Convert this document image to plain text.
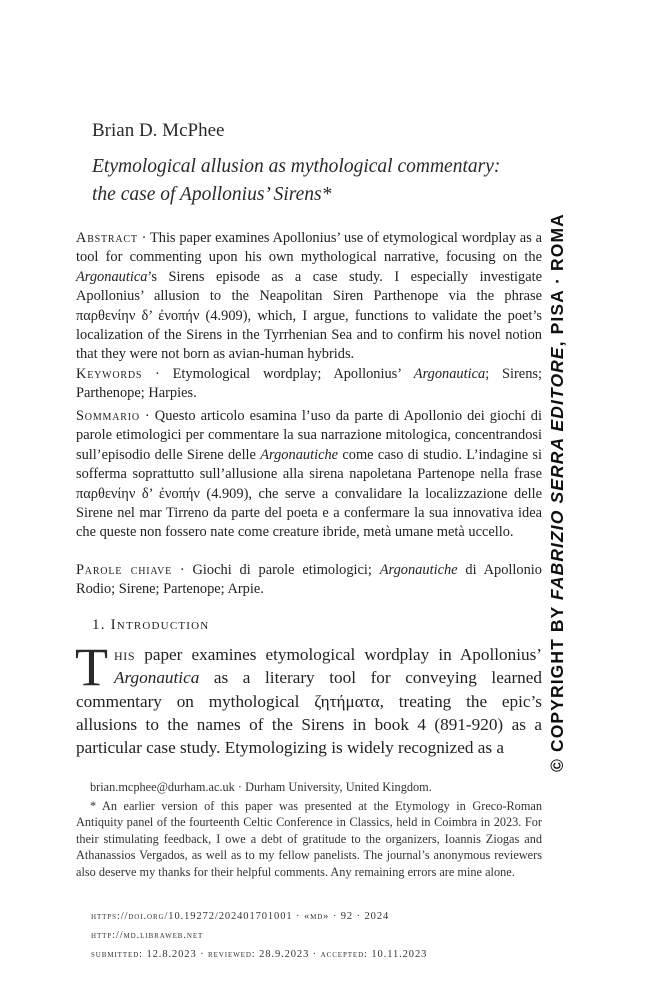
Brian D. McPhee
Etymological allusion as mythological commentary:
the case of Apollonius’ Sirens*
Abstract · This paper examines Apollonius’ use of etymological wordplay as a tool for commenting upon his own mythological narrative, focusing on the Argonautica’s Sirens episode as a case study. I especially investigate Apollonius’ allusion to the Neapolitan Siren Parthenope via the phrase παρθενίην δ’ ἐνοπήν (4.909), which, I argue, functions to validate the poet’s localization of the Sirens in the Tyrrhenian Sea and to confirm his novel notion that they were not born as avian-human hybrids.
Keywords · Etymological wordplay; Apollonius’ Argonautica; Sirens; Parthenope; Harpies.
Sommario · Questo articolo esamina l’uso da parte di Apollonio dei giochi di parole etimologici per commentare la sua narrazione mitologica, concentrandosi sull’episodio delle Sirene delle Argonautiche come caso di studio. L’indagine si sofferma soprattutto sull’allusione alla sirena napoletana Partenope nella frase παρθενίην δ’ ἐνοπήν (4.909), che serve a convalidare la localizzazione delle Sirene nel mar Tirreno da parte del poeta e a confermare la sua innovativa idea che queste non fossero nate come creature ibride, metà umane metà uccello.
Parole chiave · Giochi di parole etimologici; Argonautiche di Apollonio Rodio; Sirene; Partenope; Arpie.
1. Introduction
This paper examines etymological wordplay in Apollonius’ Argonautica as a literary tool for conveying learned commentary on mythological ζητήματα, treating the epic’s allusions to the names of the Sirens in book 4 (891-920) as a particular case study. Etymologizing is widely recognized as a
brian.mcphee@durham.ac.uk · Durham University, United Kingdom.
* An earlier version of this paper was presented at the Etymology in Greco-Roman Antiquity panel of the fourteenth Celtic Conference in Classics, held in Coimbra in 2023. For their stimulating feedback, I owe a debt of gratitude to the organizers, Ioannis Ziogas and Athanassios Vergados, as well as to my fellow panelists. The journal’s anonymous reviewers also deserve my thanks for their helpful comments. Any remaining errors are mine alone.
https://doi.org/10.19272/202401701001 · «md» · 92 · 2024
http://md.libraweb.net
submitted: 12.8.2023 · reviewed: 28.9.2023 · accepted: 10.11.2023
© COPYRIGHT BY FABRIZIO SERRA EDITORE, PISA · ROMA
